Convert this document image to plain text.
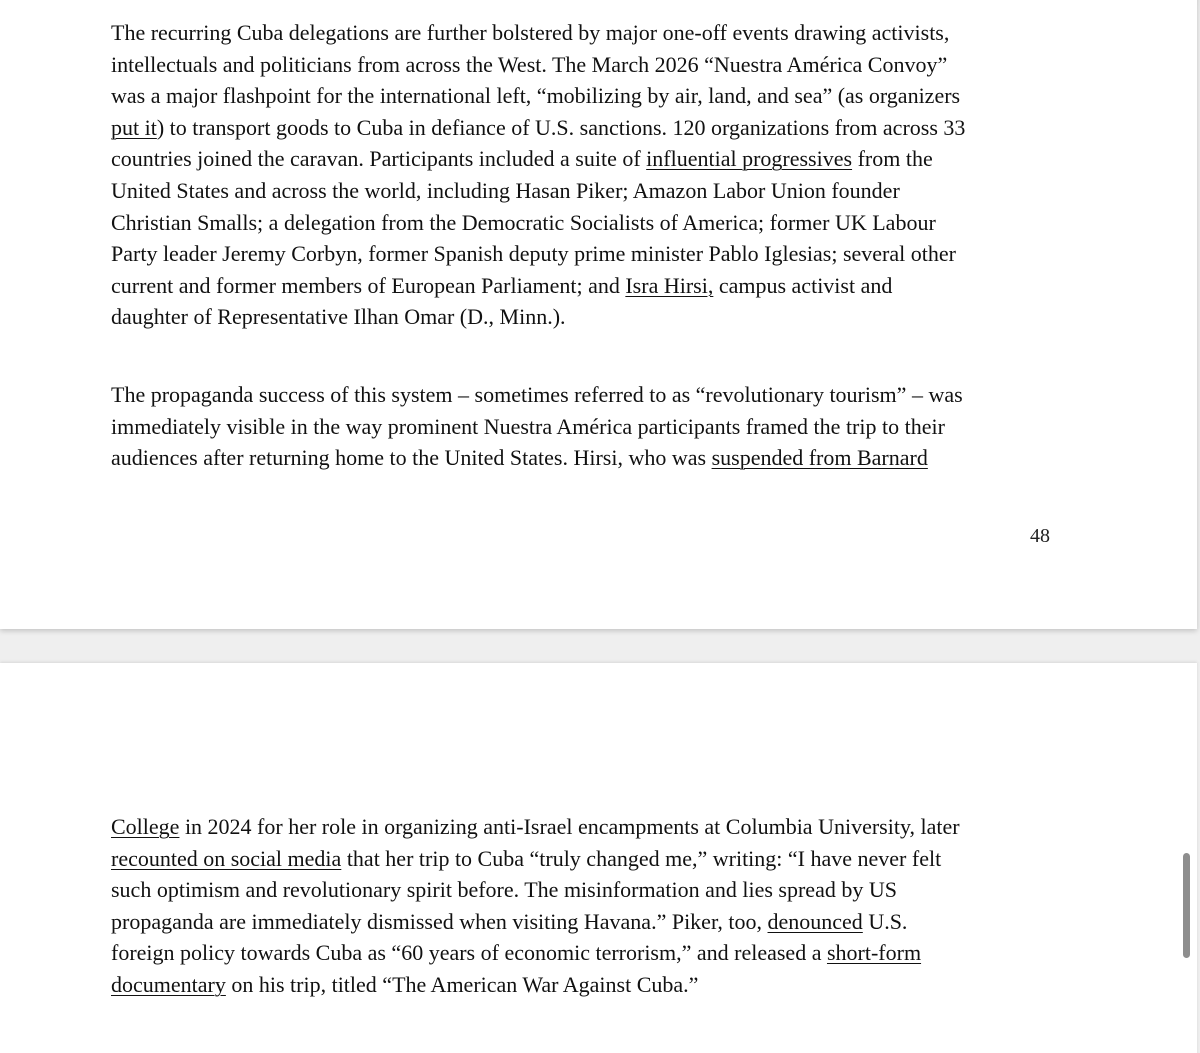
The recurring Cuba delegations are further bolstered by major one-off events drawing activists,
intellectuals and politicians from across the West. The March 2026 “Nuestra América Convoy”
was a major flashpoint for the international left, “mobilizing by air, land, and sea” (as organizers
put it) to transport goods to Cuba in defiance of U.S. sanctions. 120 organizations from across 33
countries joined the caravan. Participants included a suite of influential progressives from the
United States and across the world, including Hasan Piker; Amazon Labor Union founder
Christian Smalls; a delegation from the Democratic Socialists of America; former UK Labour
Party leader Jeremy Corbyn, former Spanish deputy prime minister Pablo Iglesias; several other
current and former members of European Parliament; and Isra Hirsi, campus activist and
daughter of Representative Ilhan Omar (D., Minn.).

The propaganda success of this system – sometimes referred to as “revolutionary tourism” – was
immediately visible in the way prominent Nuestra América participants framed the trip to their
audiences after returning home to the United States. Hirsi, who was suspended from Barnard

48

College in 2024 for her role in organizing anti-Israel encampments at Columbia University, later
recounted on social media that her trip to Cuba “truly changed me,” writing: “I have never felt
such optimism and revolutionary spirit before. The misinformation and lies spread by US
propaganda are immediately dismissed when visiting Havana.” Piker, too, denounced U.S.
foreign policy towards Cuba as “60 years of economic terrorism,” and released a short-form
documentary on his trip, titled “The American War Against Cuba.”
